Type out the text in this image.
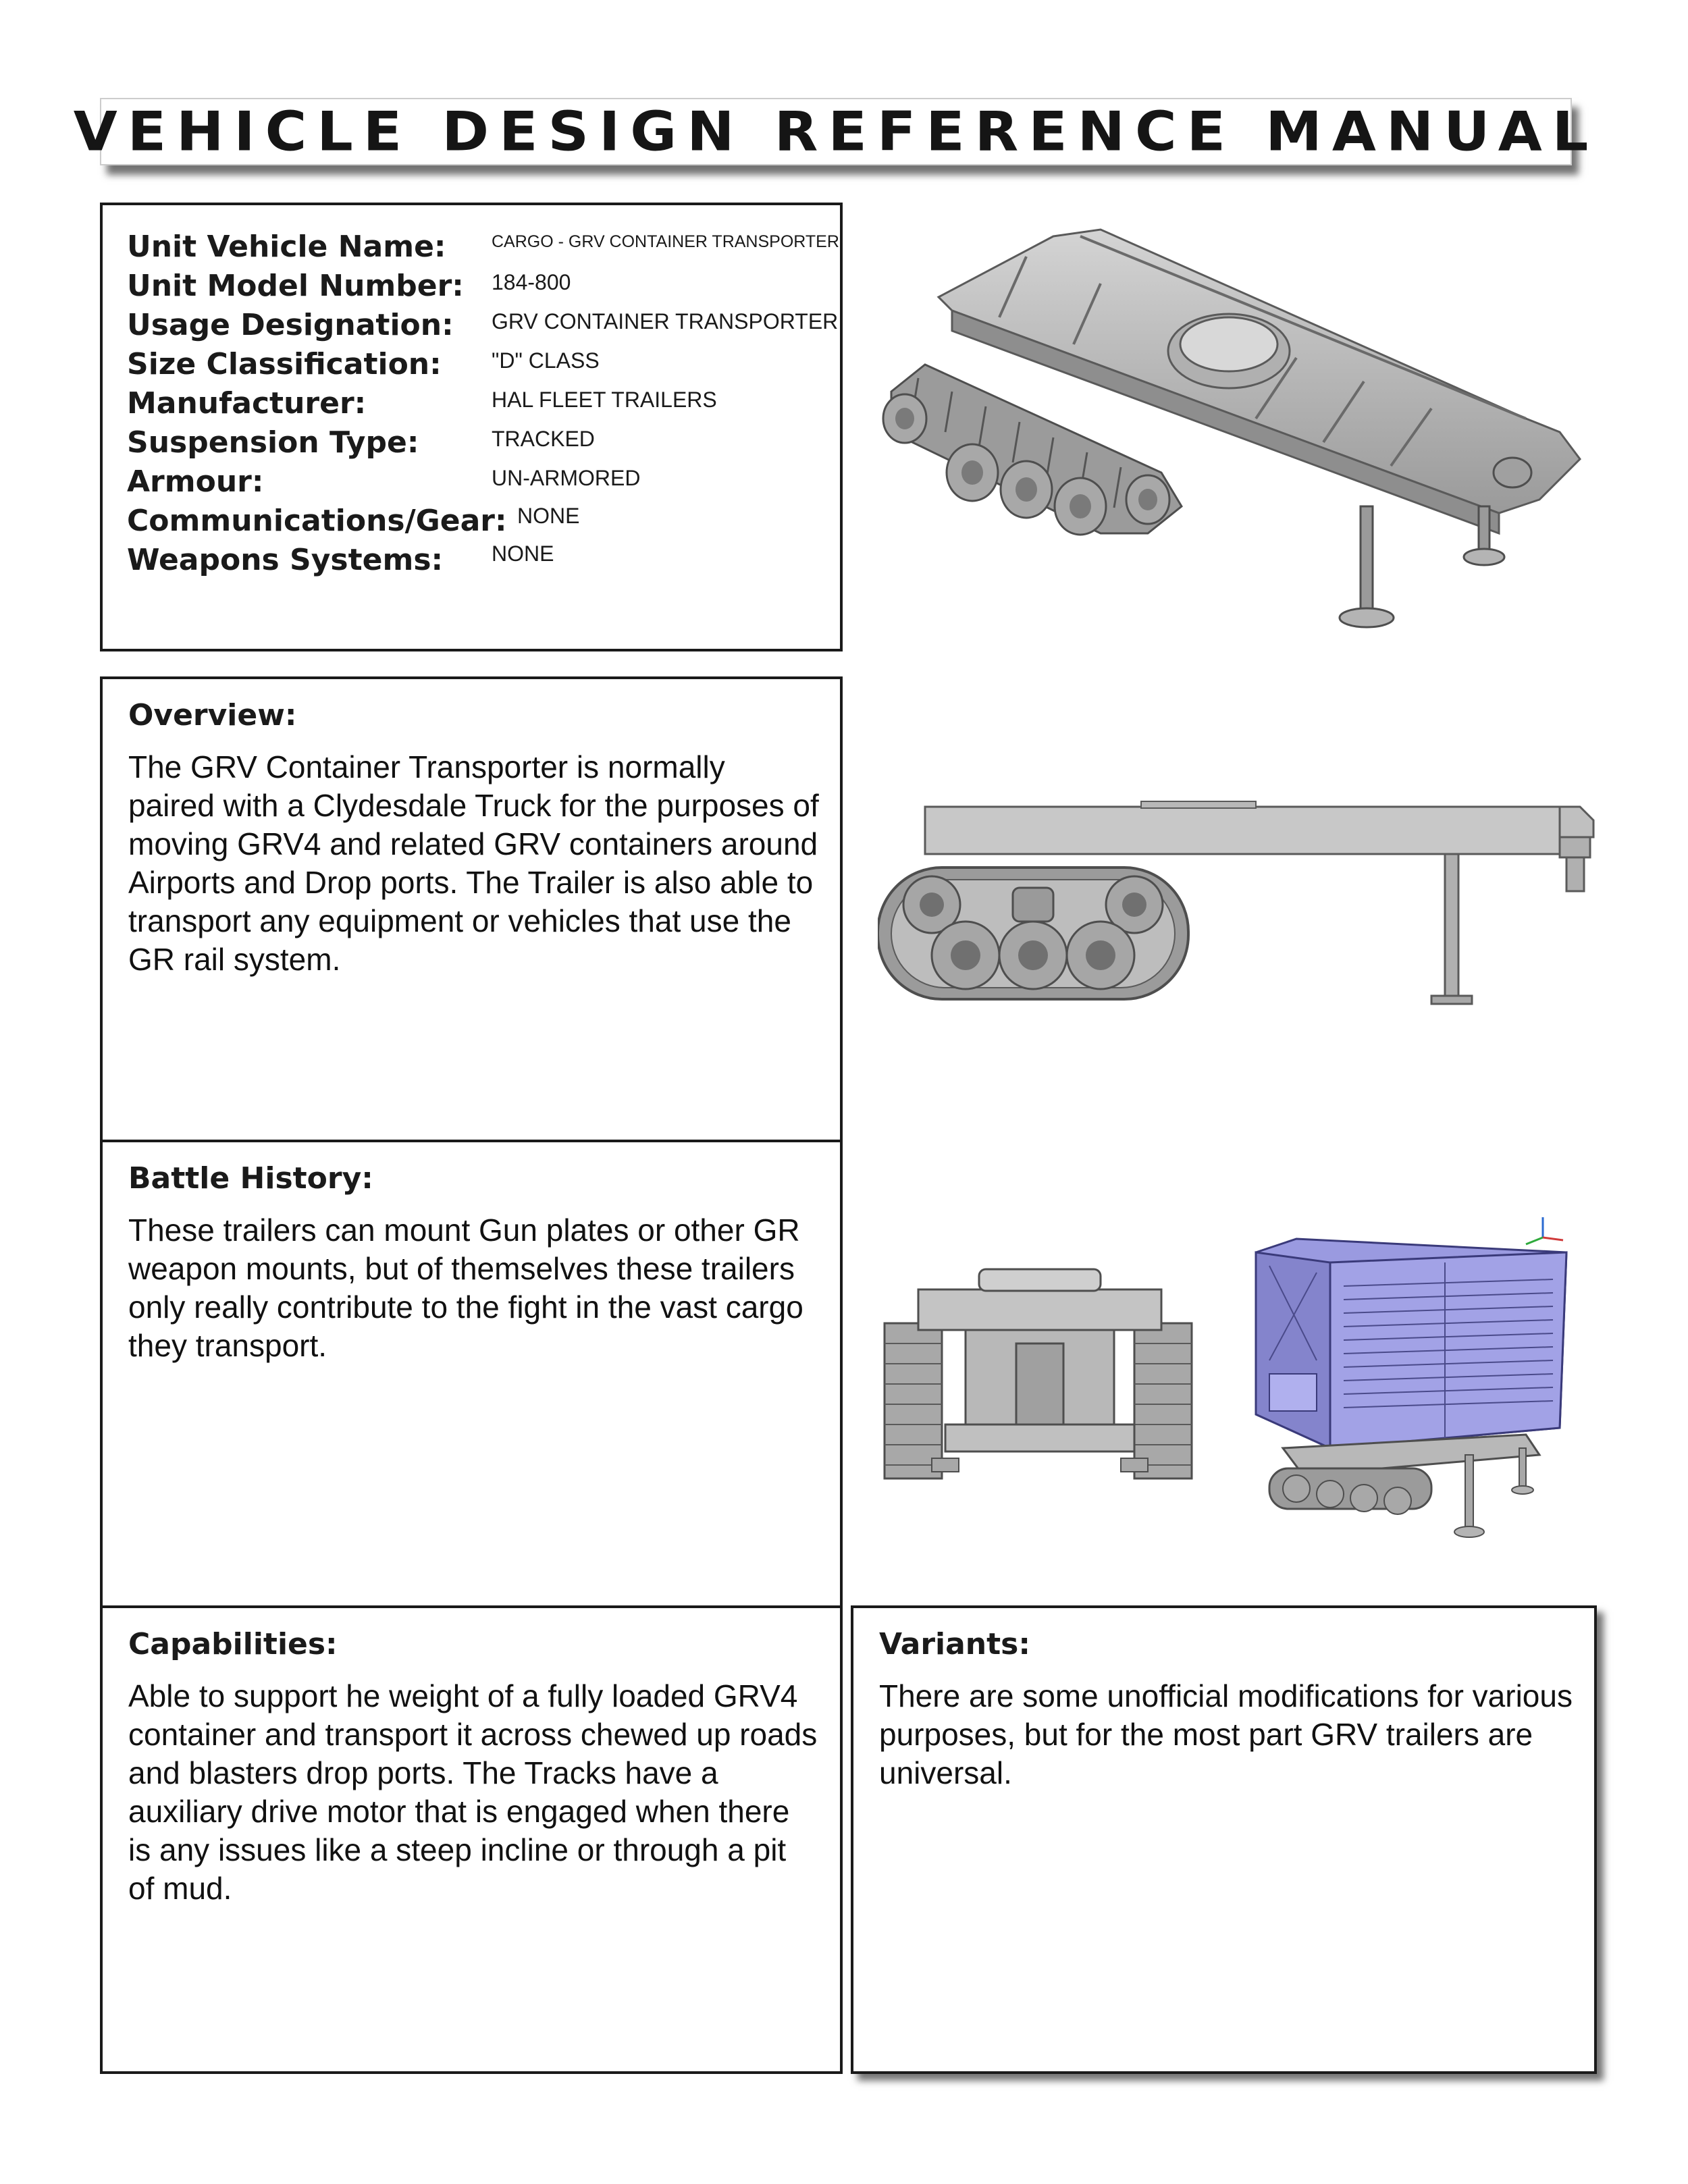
VEHICLE DESIGN REFERENCE MANUAL
Unit Vehicle Name:	CARGO - GRV CONTAINER TRANSPORTER
Unit Model Number: 184-800
Usage Designation: GRV CONTAINER TRANSPORTER
Size Classification: "D" CLASS
Manufacturer:	HAL FLEET TRAILERS
Suspension Type:	TRACKED
Armour:	UN-ARMORED
Communications/Gear: NONE
Weapons Systems: NONE
Overview:
The GRV Container Transporter is normally paired with a Clydesdale Truck for the purposes of moving GRV4 and related GRV containers around Airports and Drop ports. The Trailer is also able to transport any equipment or vehicles that use the GR rail system.
Battle History:
These trailers can mount Gun plates or other GR weapon mounts, but of themselves these trailers only really contribute to the fight in the vast cargo they transport.
Capabilities:
Able to support he weight of a fully loaded GRV4 container and transport it across chewed up roads and blasters drop ports. The Tracks have a auxiliary drive motor that is engaged when there is any issues like a steep incline or through a pit of mud.
Variants:
There are some unofficial modifications for various purposes, but for the most part GRV trailers are universal.
